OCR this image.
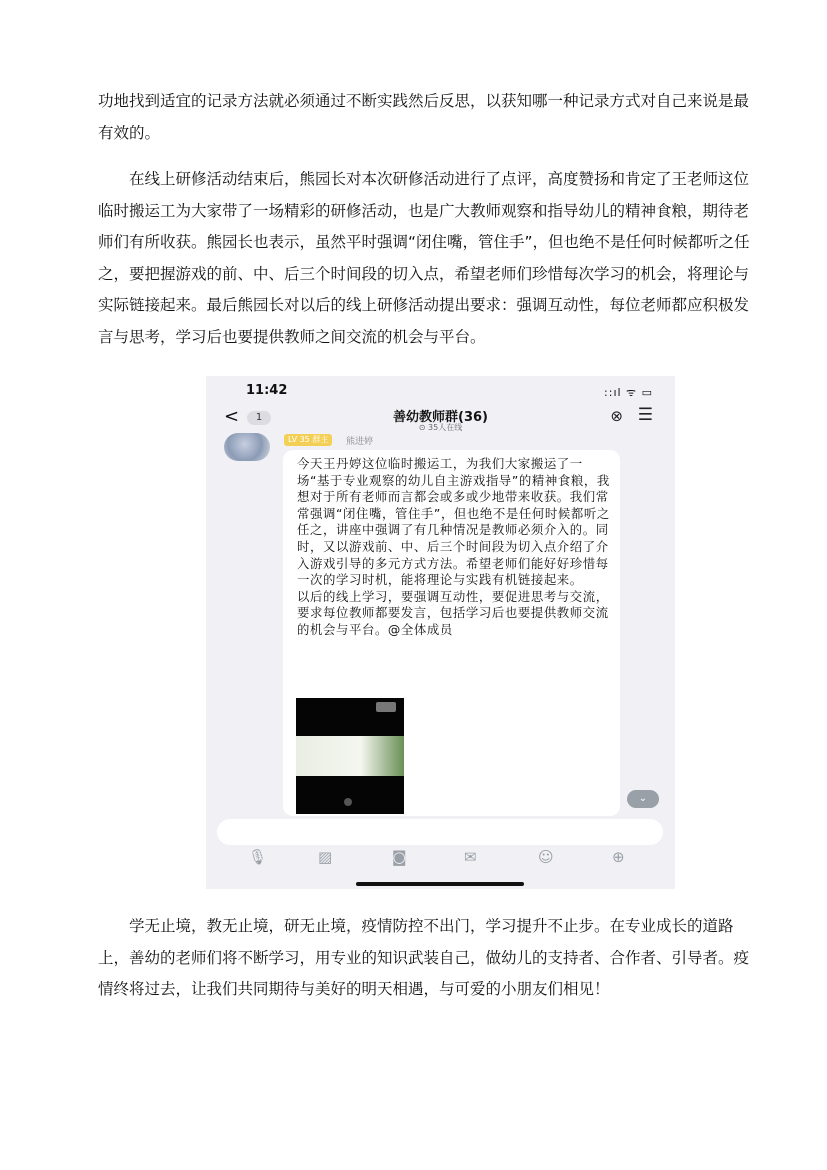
功地找到适宜的记录方法就必须通过不断实践然后反思，以获知哪一种记录方式对自己来说是最有效的。

在线上研修活动结束后，熊园长对本次研修活动进行了点评，高度赞扬和肯定了王老师这位临时搬运工为大家带了一场精彩的研修活动，也是广大教师观察和指导幼儿的精神食粮，期待老师们有所收获。熊园长也表示，虽然平时强调“闭住嘴，管住手”，但也绝不是任何时候都听之任之，要把握游戏的前、中、后三个时间段的切入点，希望老师们珍惜每次学习的机会，将理论与实际链接起来。最后熊园长对以后的线上研修活动提出要求：强调互动性，每位老师都应积极发言与思考，学习后也要提供教师之间交流的机会与平台。

11:42	::ıl ᯤ ▭
<	1	善幼教师群(36)
⊙ 35人在线
⊗ ☰
LV 35 群主	熊进婷

今天王丹婷这位临时搬运工，为我们大家搬运了一场“基于专业观察的幼儿自主游戏指导”的精神食粮，我想对于所有老师而言都会或多或少地带来收获。我们常常强调“闭住嘴，管住手”，但也绝不是任何时候都听之任之，讲座中强调了有几种情况是教师必须介入的。同时，又以游戏前、中、后三个时间段为切入点介绍了介入游戏引导的多元方式方法。希望老师们能好好珍惜每一次的学习时机，能将理论与实践有机链接起来。
以后的线上学习，要强调互动性，要促进思考与交流，要求每位教师都要发言，包括学习后也要提供教师交流的机会与平台。@全体成员

⌄
🎙	▨	◙	✉	☺	⊕

学无止境，教无止境，研无止境，疫情防控不出门，学习提升不止步。在专业成长的道路上，善幼的老师们将不断学习，用专业的知识武装自己，做幼儿的支持者、合作者、引导者。疫情终将过去，让我们共同期待与美好的明天相遇，与可爱的小朋友们相见！
